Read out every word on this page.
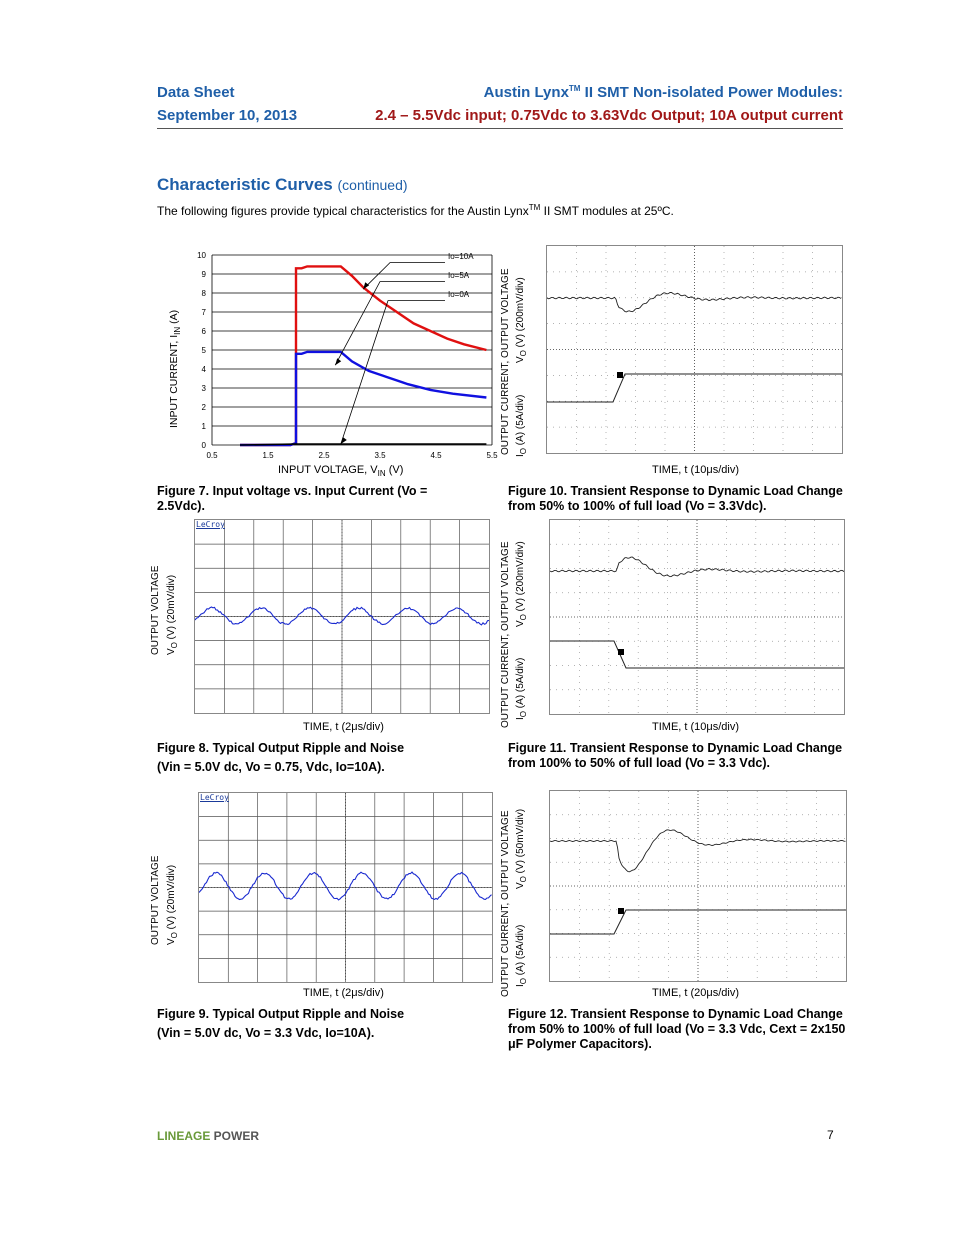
Data Sheet
September 10, 2013
Austin Lynx™ II SMT Non-isolated Power Modules:
2.4 – 5.5Vdc input; 0.75Vdc to 3.63Vdc Output; 10A output current
Characteristic Curves (continued)
The following figures provide typical characteristics for the Austin Lynx™ II SMT modules at 25ºC.
INPUT CURRENT, $I_{IN}$ (A)
0
1
2
3
4
5
6
7
8
9
10
0.5	1.5	2.5	3.5	4.5	5.5
Io=10A
Io=5A
Io=0A
INPUT VOLTAGE, $V_{IN}$ (V)
Figure 7. Input voltage vs. Input Current (Vo = 2.5Vdc).
OUTPUT CURRENT, OUTPUT VOLTAGE $V_O$ (V) (200mV/div)
$I_O$ (A) (5A/div)
TIME, t (10μs/div)
Figure 10. Transient Response to Dynamic Load Change from 50% to 100% of full load (Vo = 3.3Vdc).
OUTPUT VOLTAGE $V_O$ (V) (20mV/div)
LeCroy
TIME, t (2μs/div)
Figure 8. Typical Output Ripple and Noise
(Vin = 5.0V dc, Vo = 0.75, Vdc, Io=10A).
OUTPUT CURRENT, OUTPUT VOLTAGE $V_O$ (V) (200mV/div)
$I_O$ (A) (5A/div)
TIME, t (10μs/div)
Figure 11. Transient Response to Dynamic Load Change from 100% to 50% of full load (Vo = 3.3 Vdc).
OUTPUT VOLTAGE $V_O$ (V) (20mV/div)
LeCroy
TIME, t (2μs/div)
Figure 9. Typical Output Ripple and Noise
(Vin = 5.0V dc, Vo = 3.3 Vdc, Io=10A).
OUTPUT CURRENT, OUTPUT VOLTAGE $V_O$ (V) (50mV/div)
$I_O$ (A) (5A/div)
TIME, t (20μs/div)
Figure 12. Transient Response to Dynamic Load Change from 50% to 100% of full load (Vo = 3.3 Vdc, Cext = 2x150 μF Polymer Capacitors).
LINEAGE POWER	7
